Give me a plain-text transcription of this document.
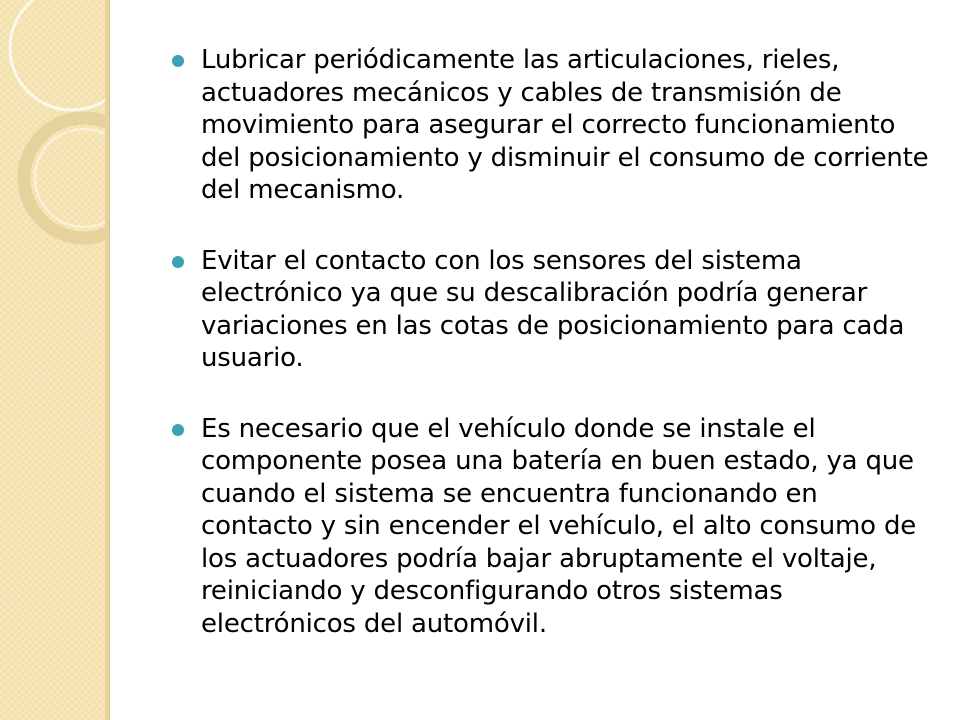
Lubricar periódicamente las articulaciones, rieles, actuadores mecánicos y cables de transmisión de movimiento para asegurar el correcto funcionamiento del posicionamiento y disminuir el consumo de corriente del mecanismo.
Evitar el contacto con los sensores del sistema electrónico ya que su descalibración podría generar variaciones en las cotas de posicionamiento para cada usuario.
Es necesario que el vehículo donde se instale el componente posea una batería en buen estado, ya que cuando el sistema se encuentra funcionando en contacto y sin encender el vehículo, el alto consumo de los actuadores podría bajar abruptamente el voltaje, reiniciando y desconfigurando otros sistemas electrónicos del automóvil.
